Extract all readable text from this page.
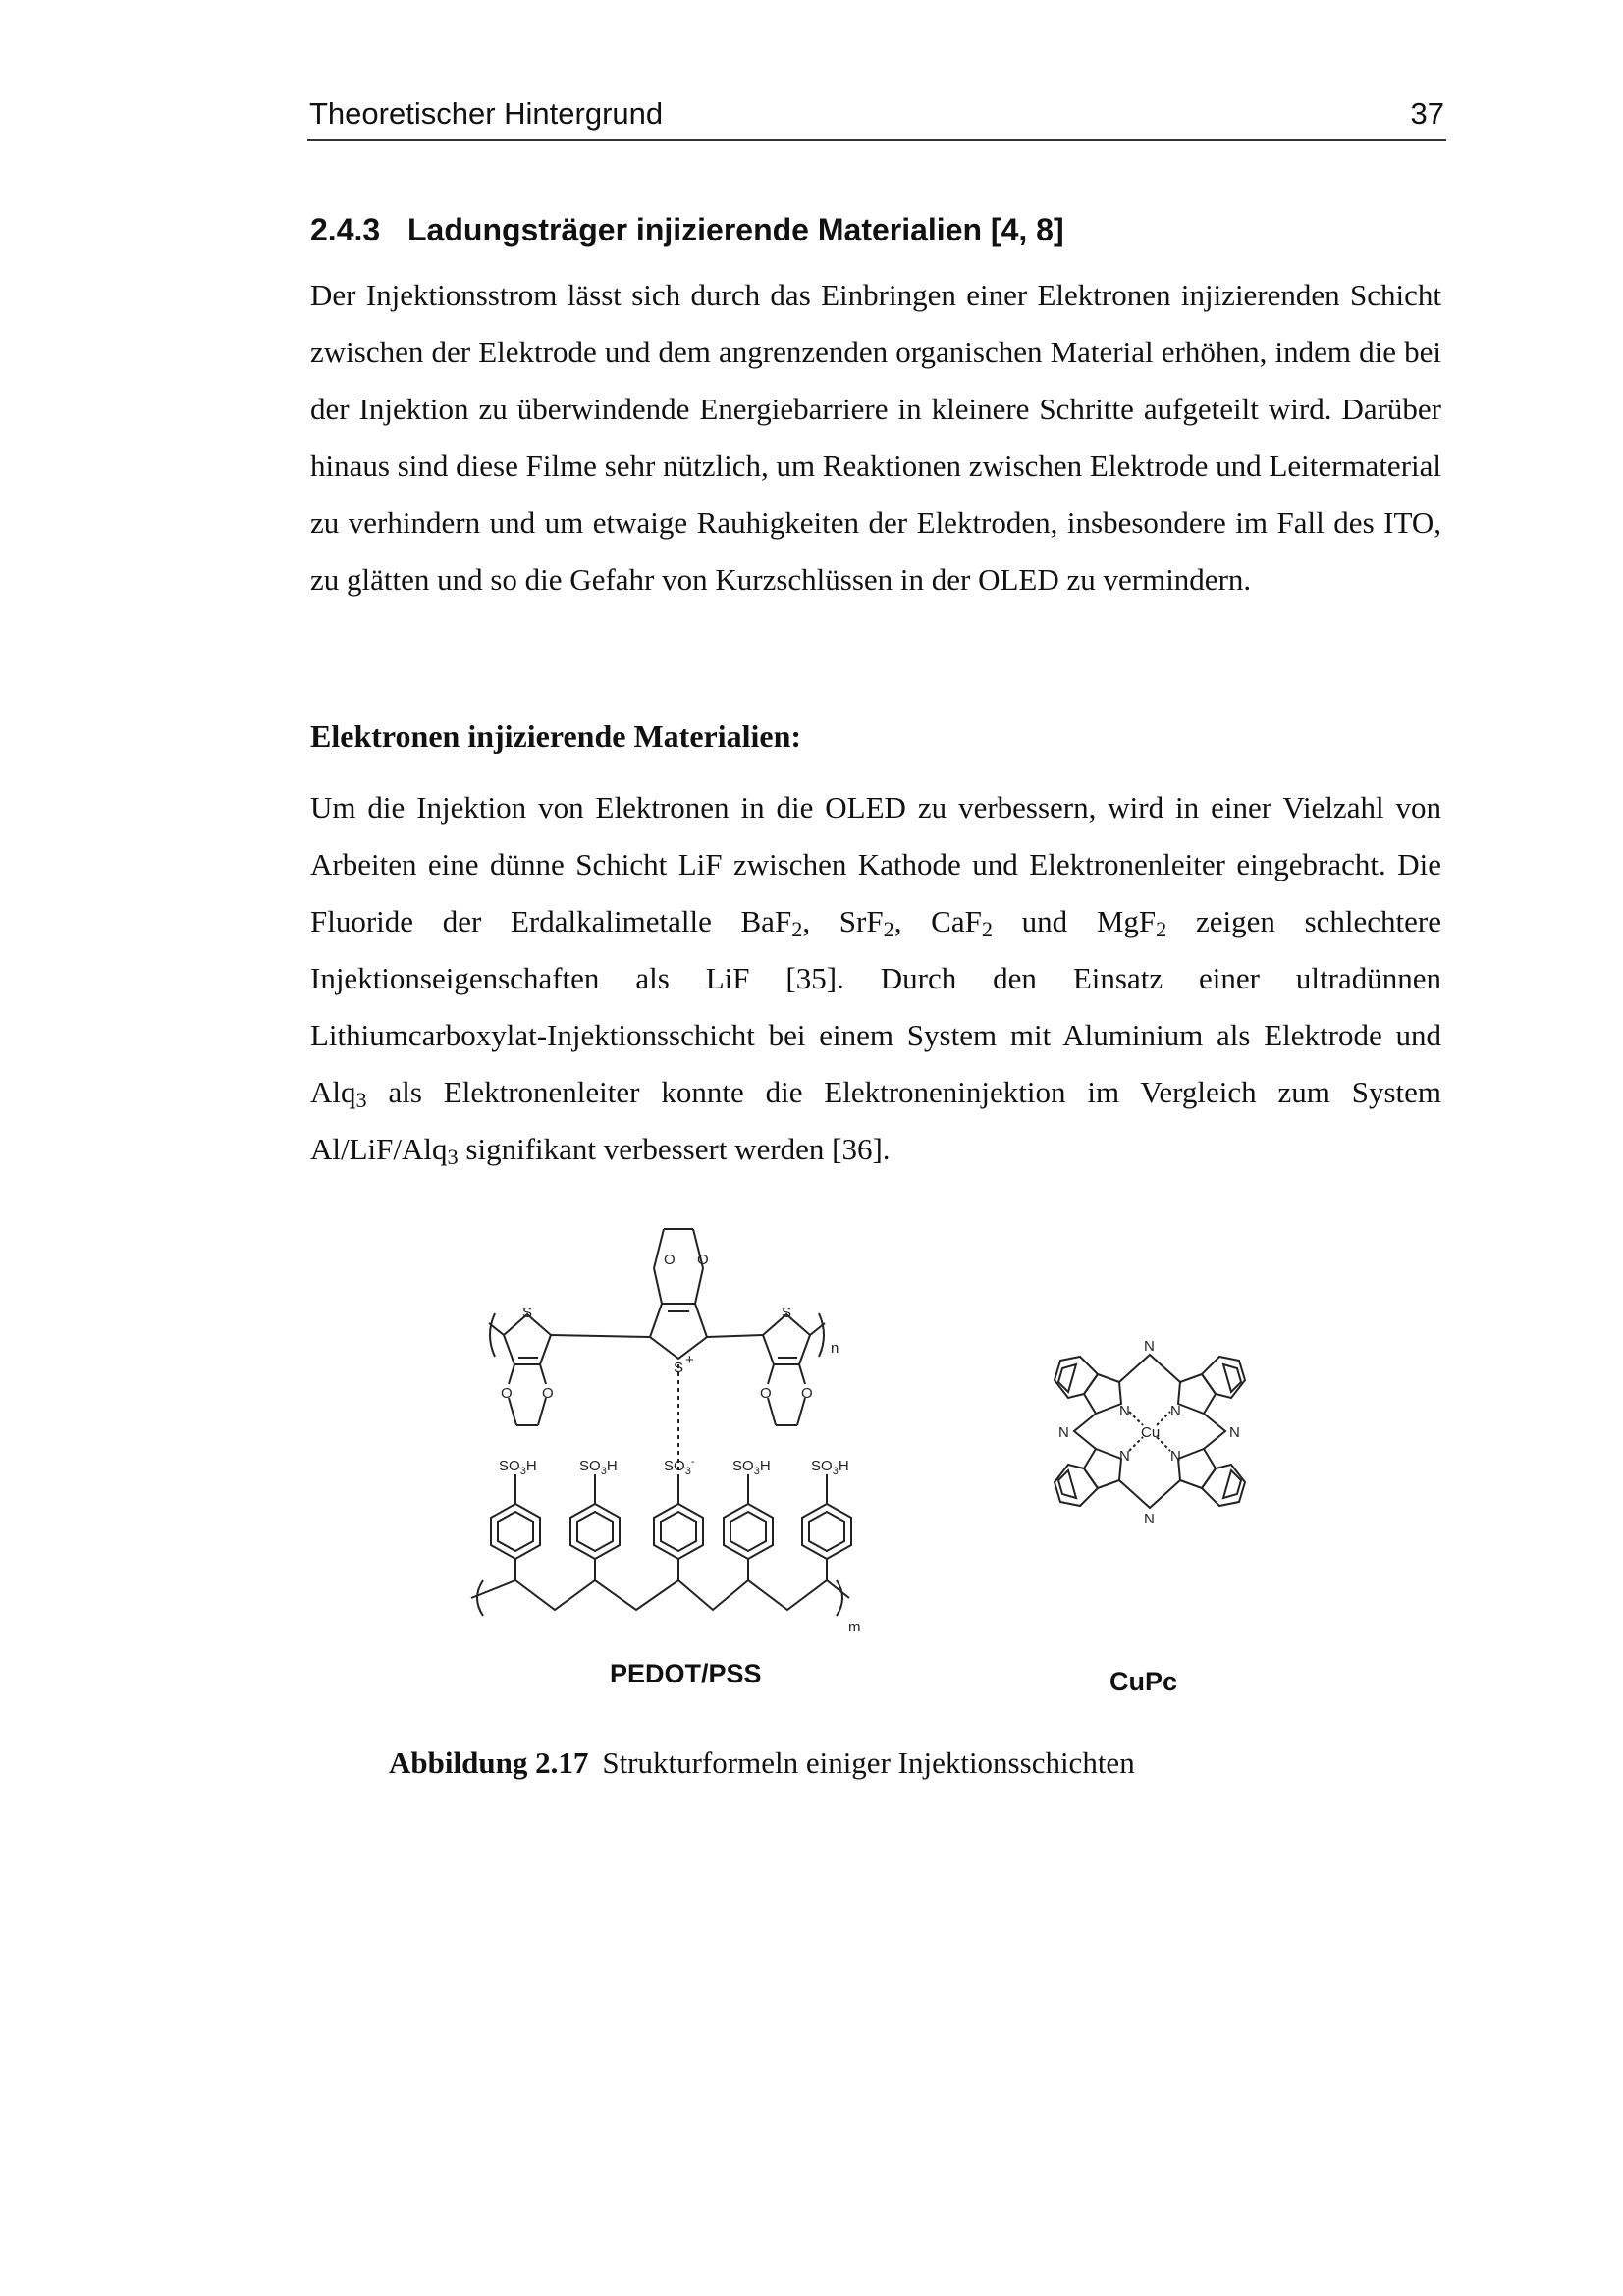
Theoretischer Hintergrund	37
2.4.3 Ladungsträger injizierende Materialien [4, 8]

Der Injektionsstrom lässt sich durch das Einbringen einer Elektronen injizierenden Schicht zwischen der Elektrode und dem angrenzenden organischen Material erhöhen, indem die bei der Injektion zu überwindende Energiebarriere in kleinere Schritte aufgeteilt wird. Darüber hinaus sind diese Filme sehr nützlich, um Reaktionen zwischen Elektrode und Leitermaterial zu verhindern und um etwaige Rauhigkeiten der Elektroden, insbesondere im Fall des ITO, zu glätten und so die Gefahr von Kurzschlüssen in der OLED zu vermindern.

Elektronen injizierende Materialien:

Um die Injektion von Elektronen in die OLED zu verbessern, wird in einer Vielzahl von Arbeiten eine dünne Schicht LiF zwischen Kathode und Elektronenleiter eingebracht. Die Fluoride der Erdalkalimetalle BaF$_2$, SrF$_2$, CaF$_2$ und MgF$_2$ zeigen schlechtere Injektionseigenschaften als LiF [35]. Durch den Einsatz einer ultradünnen Lithiumcarboxylat-Injektionsschicht bei einem System mit Aluminium als Elektrode und Alq$_3$ als Elektronenleiter konnte die Elektroneninjektion im Vergleich zum System Al/LiF/Alq$_3$ signifikant verbessert werden [36].

O O
S +
S	S
O O	O O
n
m
$SO_3H$	$SO_3H$	$SO_3^-$	$SO_3H$	$SO_3H$
N
N
N	N
N	N
N	N
Cu
PEDOT/PSS	CuPc
Abbildung 2.17 Strukturformeln einiger Injektionsschichten
